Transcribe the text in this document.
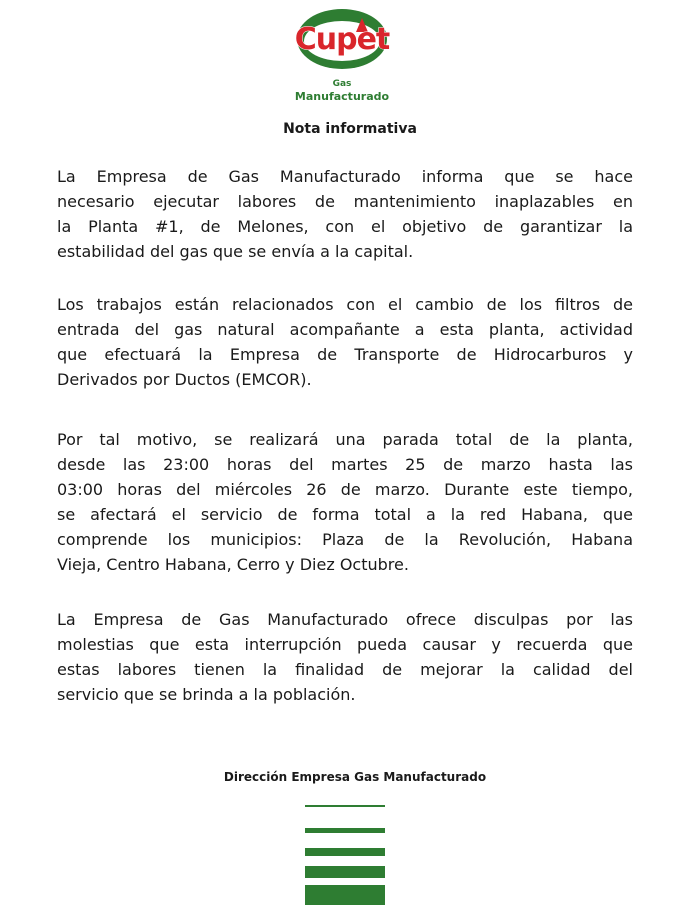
Cupet
Gas
Manufacturado
Nota informativa
La Empresa de Gas Manufacturado informa que se hace
necesario ejecutar labores de mantenimiento inaplazables en
la Planta #1, de Melones, con el objetivo de garantizar la
estabilidad del gas que se envía a la capital.
Los trabajos están relacionados con el cambio de los filtros de
entrada del gas natural acompañante a esta planta, actividad
que efectuará la Empresa de Transporte de Hidrocarburos y
Derivados por Ductos (EMCOR).
Por tal motivo, se realizará una parada total de la planta,
desde las 23:00 horas del martes 25 de marzo hasta las
03:00 horas del miércoles 26 de marzo. Durante este tiempo,
se afectará el servicio de forma total a la red Habana, que
comprende los municipios: Plaza de la Revolución, Habana
Vieja, Centro Habana, Cerro y Diez Octubre.
La Empresa de Gas Manufacturado ofrece disculpas por las
molestias que esta interrupción pueda causar y recuerda que
estas labores tienen la finalidad de mejorar la calidad del
servicio que se brinda a la población.
Dirección Empresa Gas Manufacturado
